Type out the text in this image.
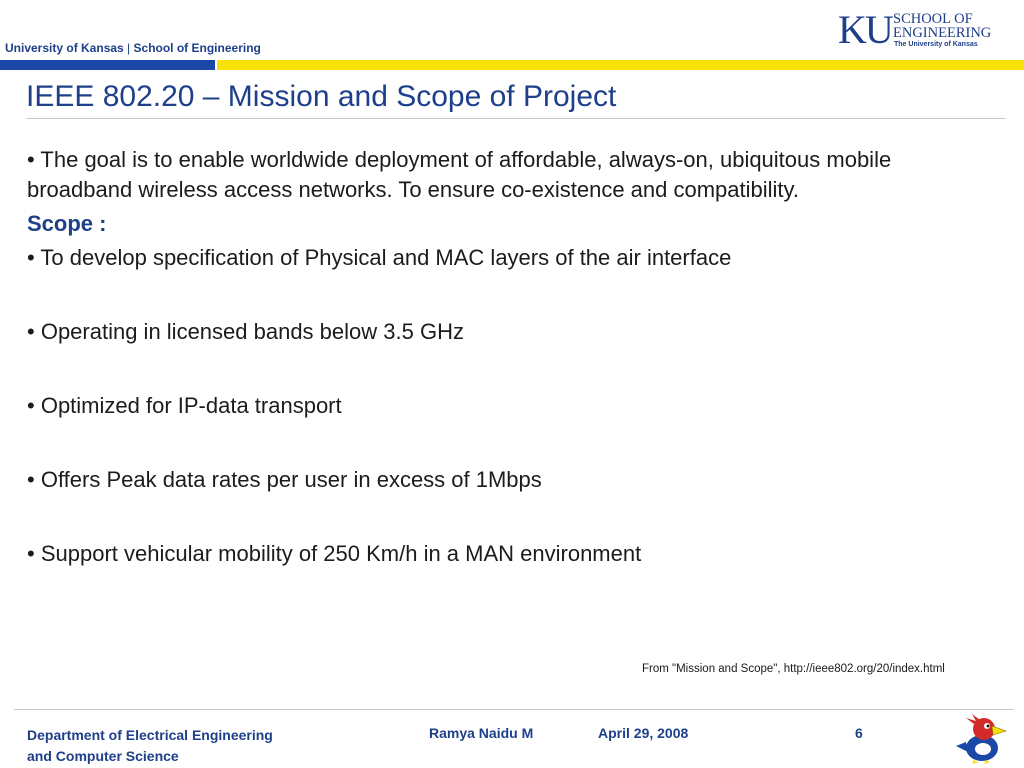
University of Kansas | School of Engineering	KU SCHOOL OF
ENGINEERING
The University of Kansas
IEEE 802.20 – Mission and Scope of Project

• The goal is to enable worldwide deployment of affordable, always-on, ubiquitous mobile broadband wireless access networks. To ensure co-existence and compatibility.

Scope :

• To develop specification of Physical and MAC layers of the air interface
• Operating in licensed bands below 3.5 GHz
• Optimized for IP-data transport
• Offers Peak data rates per user in excess of 1Mbps
• Support vehicular mobility of 250 Km/h in a MAN environment
From "Mission and Scope", http://ieee802.org/20/index.html
Department of Electrical Engineering
and Computer Science
Ramya Naidu M	April 29, 2008	6
